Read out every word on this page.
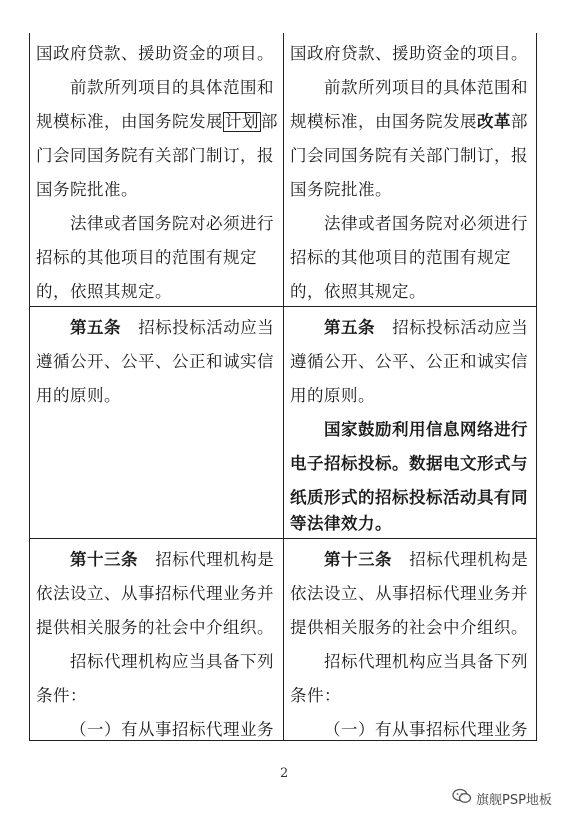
国政府贷款、援助资金的项目。
前款所列项目的具体范围和
规模标准，由国务院发展 计划 部
门会同国务院有关部门制订，报
国务院批准。
法律或者国务院对必须进行
招标的其他项目的范围有规定
的，依照其规定。
第五条 招标投标活动应当
遵循公开、公平、公正和诚实信
用的原则。
第十三条 招标代理机构是
依法设立、从事招标代理业务并
提供相关服务的社会中介组织。
招标代理机构应当具备下列
条件：
（一）有从事招标代理业务
国政府贷款、援助资金的项目。
前款所列项目的具体范围和
规模标准，由国务院发展改革部
门会同国务院有关部门制订，报
国务院批准。
法律或者国务院对必须进行
招标的其他项目的范围有规定
的，依照其规定。
第五条 招标投标活动应当
遵循公开、公平、公正和诚实信
用的原则。
国家鼓励利用信息网络进行
电子招标投标。数据电文形式与
纸质形式的招标投标活动具有同
等法律效力。
第十三条 招标代理机构是
依法设立、从事招标代理业务并
提供相关服务的社会中介组织。
招标代理机构应当具备下列
条件：
（一）有从事招标代理业务
2
旗舰PSP地板
